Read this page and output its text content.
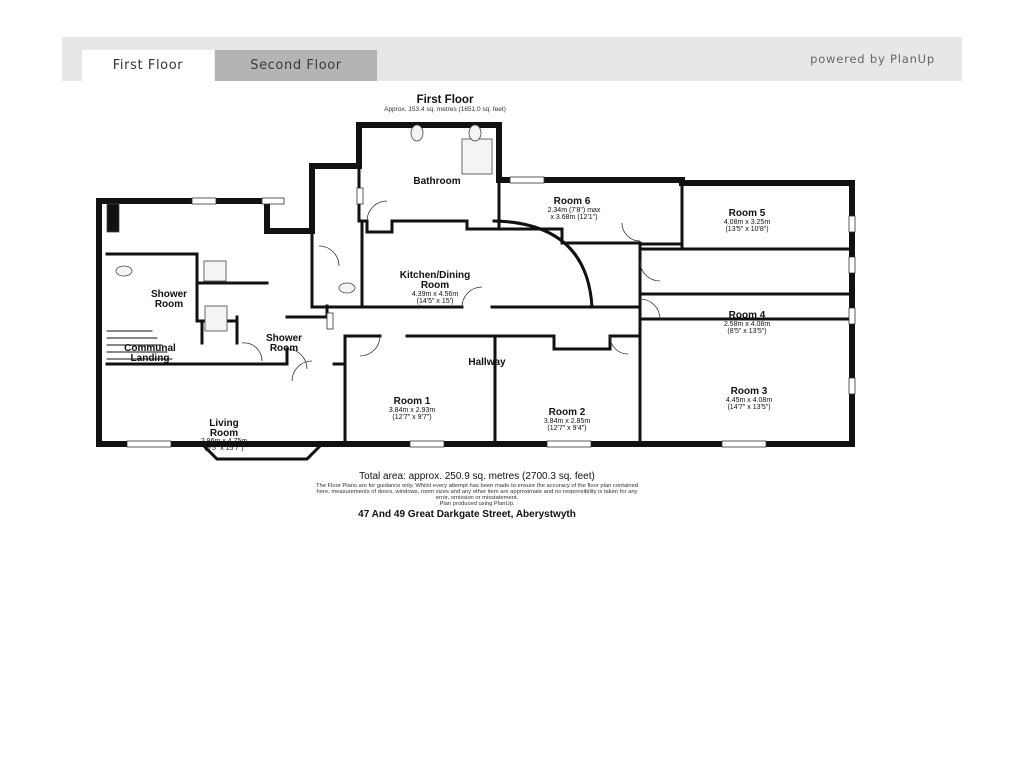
First Floor	Second Floor	powered by PlanUp
First Floor
Approx. 153.4 sq. metres (1651.0 sq. feet)
Bathroom
Room 6
2.34m (7'8") max
x 3.68m (12'1")	Room 5
4.08m x 3.25m
(13'5" x 10'8")
Kitchen/Dining
Room
4.39m x 4.56m
(14'5" x 15')
Room 4
2.58m x 4.08m
(8'5" x 13'5")
Shower
Room
Shower
Room
Communal
Landing	Hallway
Room 1
3.84m x 2.93m
(12'7" x 9'7")	Room 2
3.84m x 2.85m
(12'7" x 9'4")
Room 3
4.45m x 4.08m
(14'7" x 13'5")
Living
Room
2.86m x 4.75m
(9'5" x 15'7")
Total area: approx. 250.9 sq. metres (2700.3 sq. feet)
The Floor Plans are for guidance only. Whilst every attempt has been made to ensure the accuracy of the floor plan contained
here, measurements of doors, windows, room sizes and any other item are approximate and no responsibility is taken for any
error, omission or misstatement.
Plan produced using PlanUp.
47 And 49 Great Darkgate Street, Aberystwyth
